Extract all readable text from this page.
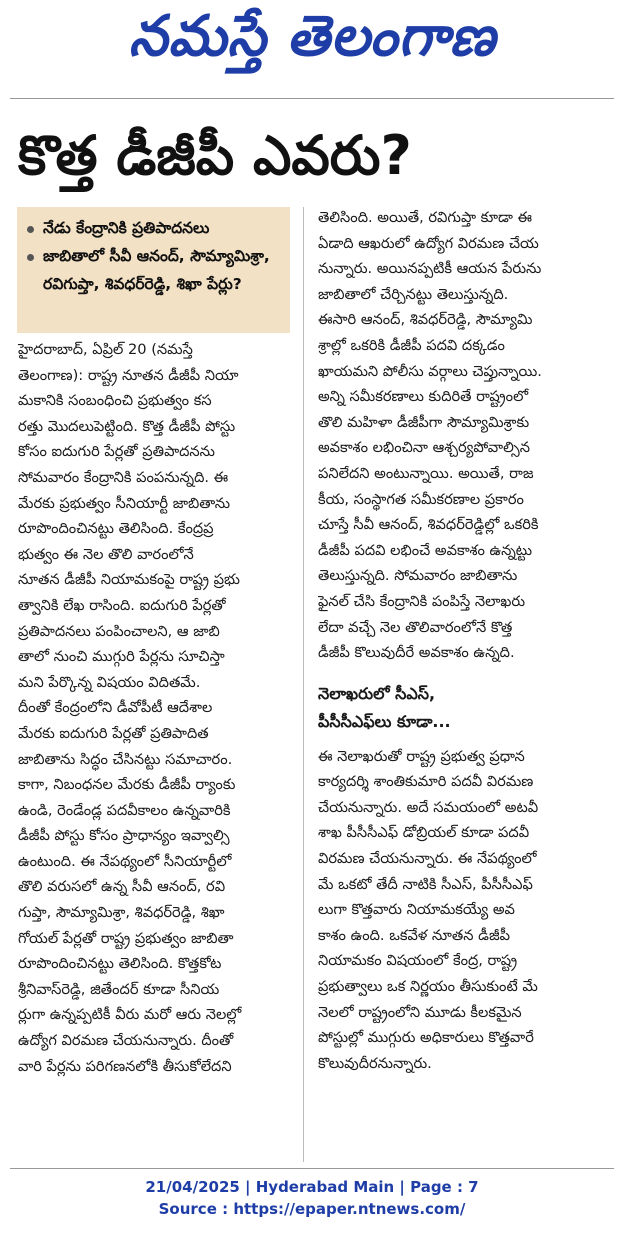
నమస్తే తెలంగాణ
కొత్త డీజీపీ ఎవరు?
నేడు కేంద్రానికి ప్రతిపాదనలు
జాబితాలో సీవీ ఆనంద్, సౌమ్యామిశ్రా, రవిగుప్తా, శివధర్‌రెడ్డి, శిఖా పేర్లు?
హైదరాబాద్, ఏప్రిల్ 20 (నమస్తే
తెలంగాణ): రాష్ట్ర నూతన డీజీపీ నియా
మకానికి సంబంధించి ప్రభుత్వం కస
రత్తు మొదలుపెట్టింది. కొత్త డీజీపీ పోస్టు
కోసం ఐదుగురి పేర్లతో ప్రతిపాదనను
సోమవారం కేంద్రానికి పంపనున్నది. ఈ
మేరకు ప్రభుత్వం సీనియార్టీ జాబితాను
రూపొందించినట్టు తెలిసింది. కేంద్రప్ర
భుత్వం ఈ నెల తొలి వారంలోనే
నూతన డీజీపీ నియామకంపై రాష్ట్ర ప్రభు
త్వానికి లేఖ రాసింది. ఐదుగురి పేర్లతో
ప్రతిపాదనలు పంపించాలని, ఆ జాబి
తాలో నుంచి ముగ్గురి పేర్లను సూచిస్తా
మని పేర్కొన్న విషయం విదితమే.
దీంతో కేంద్రంలోని డీవోపీటీ ఆదేశాల
మేరకు ఐదుగురి పేర్లతో ప్రతిపాదిత
జాబితాను సిద్ధం చేసినట్టు సమాచారం.
కాగా, నిబంధనల మేరకు డీజీపీ ర్యాంకు
ఉండి, రెండేండ్ల పదవీకాలం ఉన్నవారికి
డీజీపీ పోస్టు కోసం ప్రాధాన్యం ఇవ్వాల్సి
ఉంటుంది. ఈ నేపథ్యంలో సీనియార్టీలో
తొలి వరుసలో ఉన్న సీవీ ఆనంద్, రవి
గుప్తా, సౌమ్యామిశ్రా, శివధర్‌రెడ్డి, శిఖా
గోయల్ పేర్లతో రాష్ట్ర ప్రభుత్వం జాబితా
రూపొందించినట్టు తెలిసింది. కొత్తకోట
శ్రీనివాస్‌రెడ్డి, జితేందర్ కూడా సీనియ
ర్లుగా ఉన్నప్పటికీ వీరు మరో ఆరు నెలల్లో
ఉద్యోగ విరమణ చేయనున్నారు. దీంతో
వారి పేర్లను పరిగణనలోకి తీసుకోలేదని
తెలిసింది. అయితే, రవిగుప్తా కూడా ఈ
ఏడాది ఆఖరులో ఉద్యోగ విరమణ చేయ
నున్నారు. అయినప్పటికీ ఆయన పేరును
జాబితాలో చేర్చినట్టు తెలుస్తున్నది.
ఈసారి ఆనంద్, శివధర్‌రెడ్డి, సౌమ్యామి
శ్రాల్లో ఒకరికి డీజీపీ పదవి దక్కడం
ఖాయమని పోలీసు వర్గాలు చెప్తున్నాయి.
అన్ని సమీకరణాలు కుదిరితే రాష్ట్రంలో
తొలి మహిళా డీజీపీగా సౌమ్యామిశ్రాకు
అవకాశం లభించినా ఆశ్చర్యపోవాల్సిన
పనిలేదని అంటున్నాయి. అయితే, రాజ
కీయ, సంస్థాగత సమీకరణాల ప్రకారం
చూస్తే సీవీ ఆనంద్, శివధర్‌రెడ్డిల్లో ఒకరికి
డీజీపీ పదవి లభించే అవకాశం ఉన్నట్టు
తెలుస్తున్నది. సోమవారం జాబితాను
ఫైనల్ చేసి కేంద్రానికి పంపిస్తే నెలాఖరు
లేదా వచ్చే నెల తొలివారంలోనే కొత్త
డీజీపీ కొలువుదీరే అవకాశం ఉన్నది.
నెలాఖరులో సీఎస్,
పీసీసీఎఫ్‌లు కూడా...
ఈ నెలాఖరుతో రాష్ట్ర ప్రభుత్వ ప్రధాన
కార్యదర్శి శాంతికుమారి పదవీ విరమణ
చేయనున్నారు. అదే సమయంలో అటవీ
శాఖ పీసీసీఎఫ్ డోబ్రియల్ కూడా పదవీ
విరమణ చేయనున్నారు. ఈ నేపథ్యంలో
మే ఒకటో తేదీ నాటికి సీఎస్, పీసీసీఎఫ్
లుగా కొత్తవారు నియామకయ్యే అవ
కాశం ఉంది. ఒకవేళ నూతన డీజీపీ
నియామకం విషయంలో కేంద్ర, రాష్ట్ర
ప్రభుత్వాలు ఒక నిర్ణయం తీసుకుంటే మే
నెలలో రాష్ట్రంలోని మూడు కీలకమైన
పోస్టుల్లో ముగ్గురు అధికారులు కొత్తవారే
కొలువుదీరనున్నారు.
21/04/2025 | Hyderabad Main | Page : 7
Source : https://epaper.ntnews.com/
